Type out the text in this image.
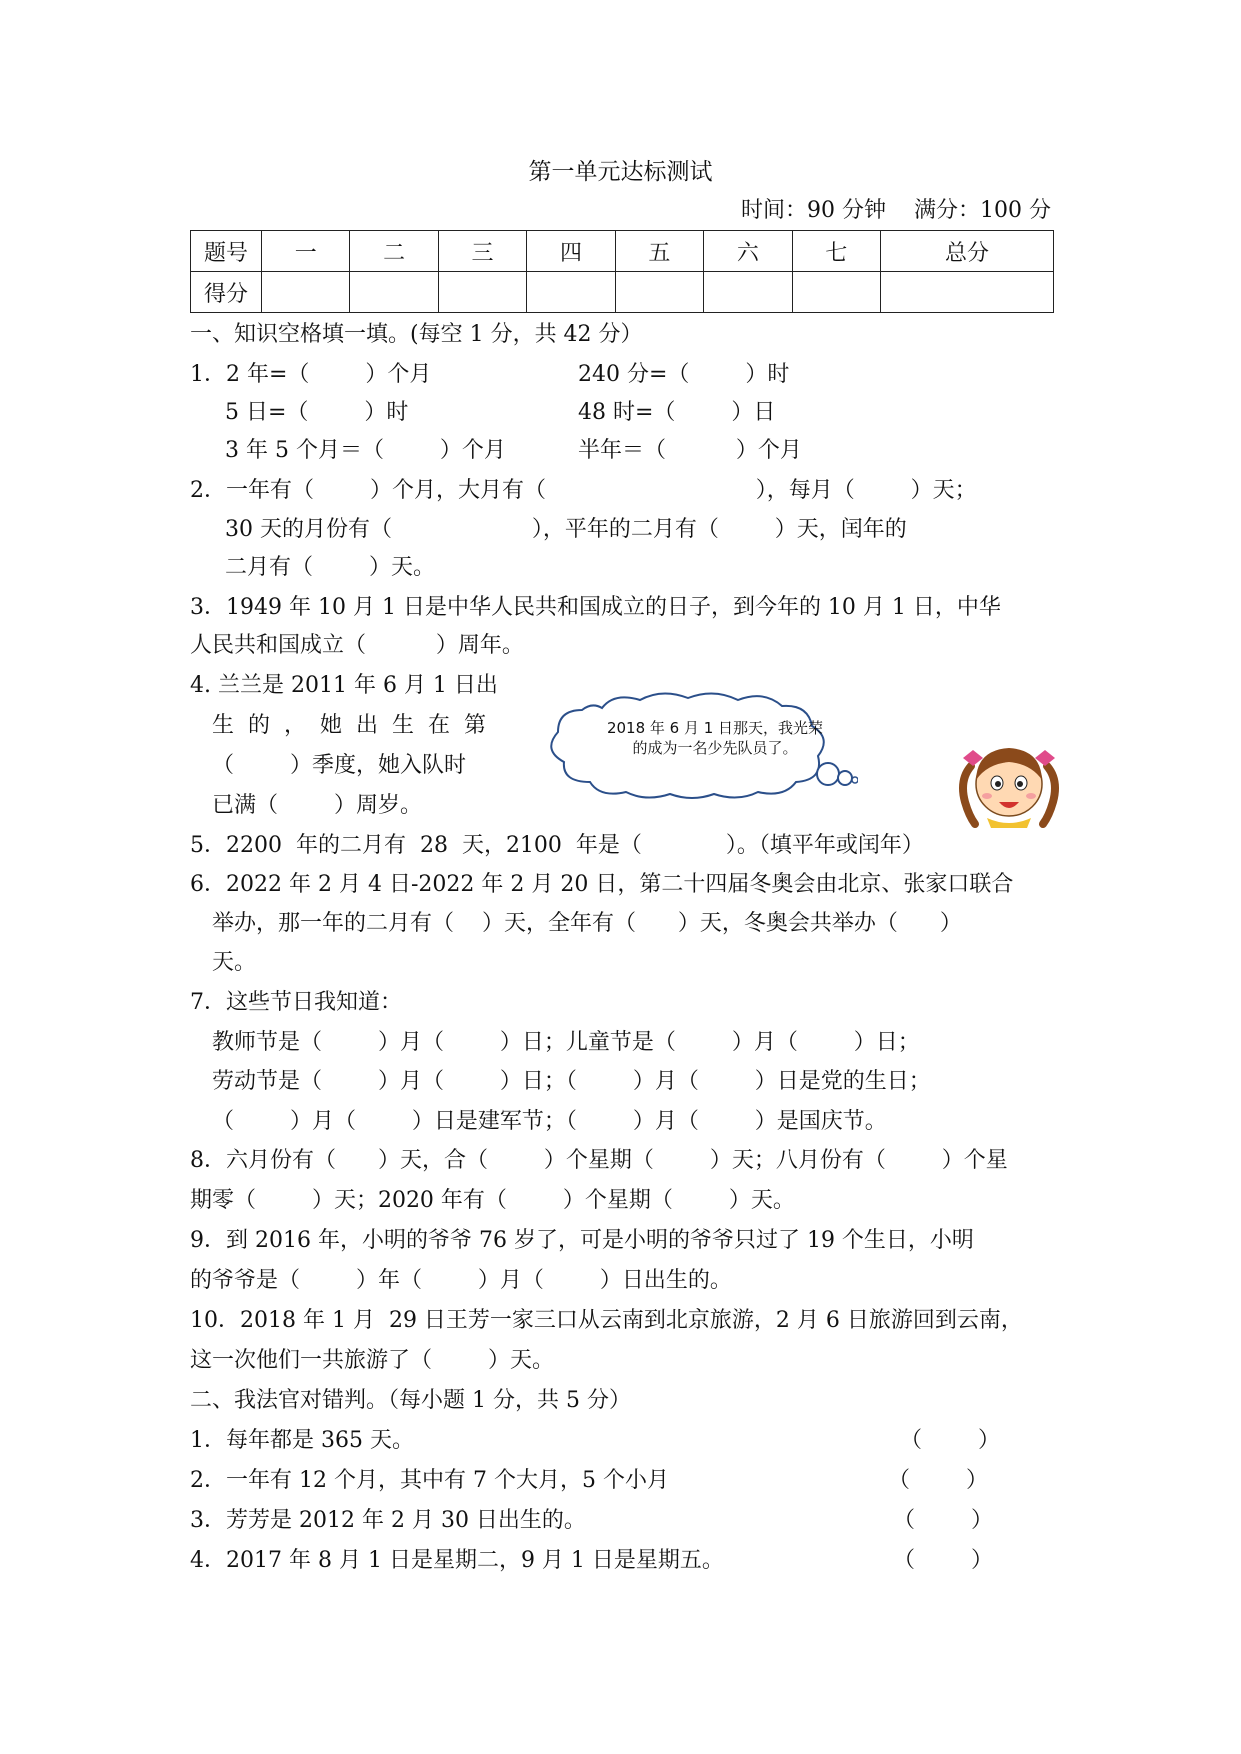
第一单元达标测试
时间：90 分钟    满分：100 分
题号	一	二	三	四	五	六	七	总分
得分								
一、知识空格填一填。(每空 1 分，共 42 分）
1．2 年=（        ）个月	240 分=（        ）时
5 日=（        ）时	48 时=（        ）日
3 年 5 个月＝（        ）个月	半年＝（          ）个月
2．一年有（        ）个月，大月有（                              ），每月（        ）天；
30 天的月份有（                    ），平年的二月有（        ）天，闰年的
二月有（        ）天。
3．1949 年 10 月 1 日是中华人民共和国成立的日子，到今年的 10 月 1 日，中华
人民共和国成立（          ）周年。
4. 兰兰是 2011 年 6 月 1 日出
生的，她出生在第
（        ）季度，她入队时
已满（        ）周岁。
2018 年 6 月 1 日那天，我光荣的成为一名少先队员了。
5．2200  年的二月有  28  天，2100  年是（            ）。（填平年或闰年）
6．2022 年 2 月 4 日-2022 年 2 月 20 日，第二十四届冬奥会由北京、张家口联合
举办，那一年的二月有（    ）天，全年有（      ）天，冬奥会共举办（      ）
天。
7．这些节日我知道：
教师节是（        ）月（        ）日；儿童节是（        ）月（        ）日；
劳动节是（        ）月（        ）日；（        ）月（        ）日是党的生日；
（        ）月（        ）日是建军节；（        ）月（        ）是国庆节。
8．六月份有（      ）天，合（        ）个星期（        ）天；八月份有（        ）个星
期零（        ）天；2020 年有（        ）个星期（        ）天。
9．到 2016 年，小明的爷爷 76 岁了，可是小明的爷爷只过了 19 个生日，小明
的爷爷是（        ）年（        ）月（        ）日出生的。
10．2018 年 1 月  29 日王芳一家三口从云南到北京旅游，2 月 6 日旅游回到云南，
这一次他们一共旅游了（        ）天。
二、我法官对错判。（每小题 1 分，共 5 分）
1．每年都是 365 天。	（        ）
2．一年有 12 个月，其中有 7 个大月，5 个小月	（        ）
3．芳芳是 2012 年 2 月 30 日出生的。	（        ）
4．2017 年 8 月 1 日是星期二，9 月 1 日是星期五。	（        ）
